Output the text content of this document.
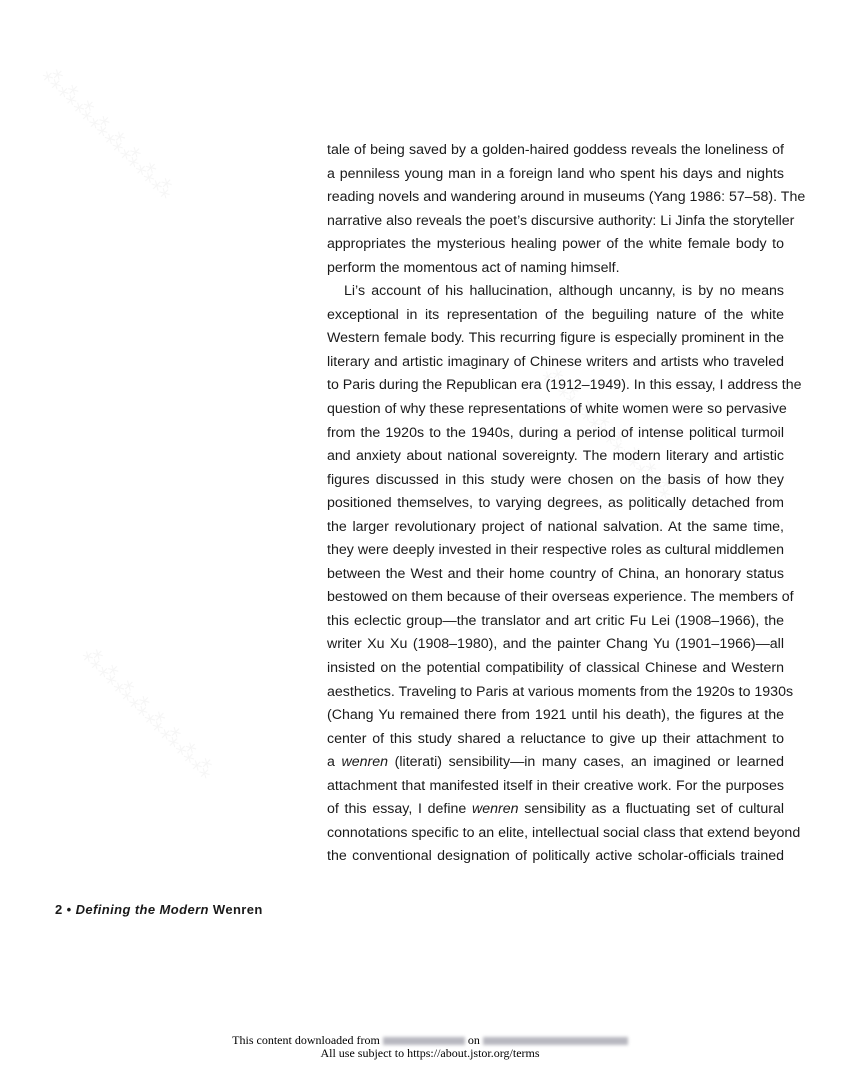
tale of being saved by a golden-haired goddess reveals the loneliness of
a penniless young man in a foreign land who spent his days and nights
reading novels and wandering around in museums (Yang 1986: 57–58). The
narrative also reveals the poet’s discursive authority: Li Jinfa the storyteller
appropriates the mysterious healing power of the white female body to
perform the momentous act of naming himself.
Li’s account of his hallucination, although uncanny, is by no means
exceptional in its representation of the beguiling nature of the white
Western female body. This recurring figure is especially prominent in the
literary and artistic imaginary of Chinese writers and artists who traveled
to Paris during the Republican era (1912–1949). In this essay, I address the
question of why these representations of white women were so pervasive
from the 1920s to the 1940s, during a period of intense political turmoil
and anxiety about national sovereignty. The modern literary and artistic
figures discussed in this study were chosen on the basis of how they
positioned themselves, to varying degrees, as politically detached from
the larger revolutionary project of national salvation. At the same time,
they were deeply invested in their respective roles as cultural middlemen
between the West and their home country of China, an honorary status
bestowed on them because of their overseas experience. The members of
this eclectic group—the translator and art critic Fu Lei (1908–1966), the
writer Xu Xu (1908–1980), and the painter Chang Yu (1901–1966)—all
insisted on the potential compatibility of classical Chinese and Western
aesthetics. Traveling to Paris at various moments from the 1920s to 1930s
(Chang Yu remained there from 1921 until his death), the figures at the
center of this study shared a reluctance to give up their attachment to
a wenren (literati) sensibility—in many cases, an imagined or learned
attachment that manifested itself in their creative work. For the purposes
of this essay, I define wenren sensibility as a fluctuating set of cultural
connotations specific to an elite, intellectual social class that extend beyond
the conventional designation of politically active scholar-officials trained
2 • Defining the Modern Wenren
This content downloaded from	on
All use subject to https://about.jstor.org/terms
